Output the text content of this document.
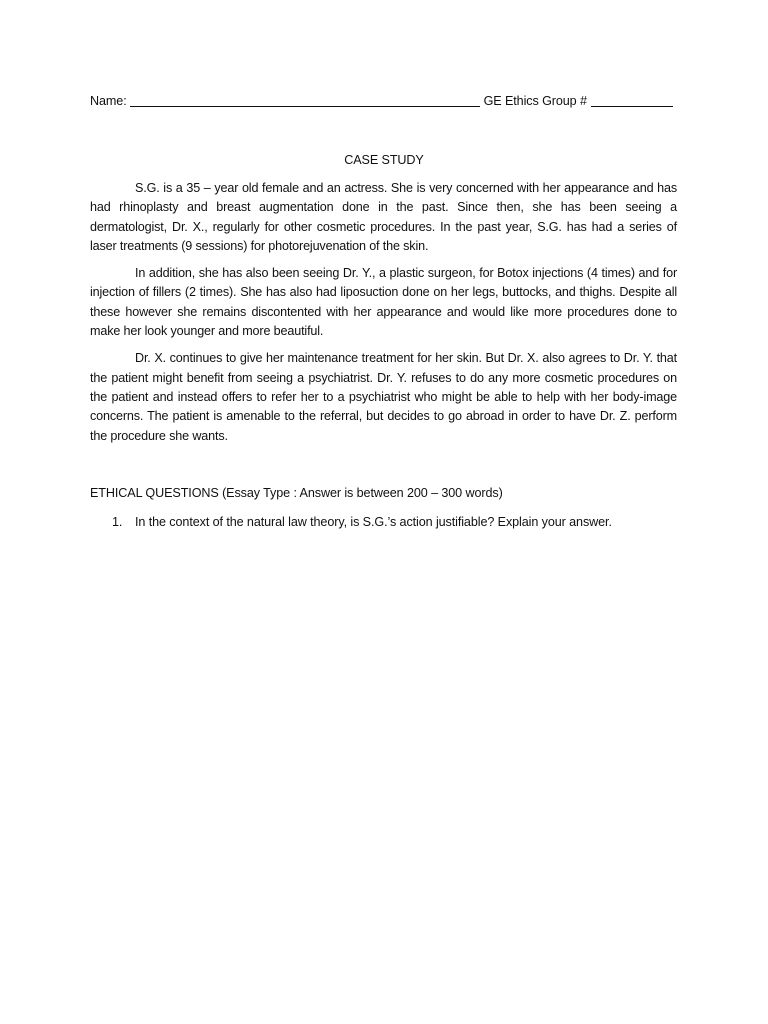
Name:	GE Ethics Group #
CASE STUDY

S.G. is a 35 – year old female and an actress. She is very concerned with her appearance and has had rhinoplasty and breast augmentation done in the past. Since then, she has been seeing a dermatologist, Dr. X., regularly for other cosmetic procedures. In the past year, S.G. has had a series of laser treatments (9 sessions) for photorejuvenation of the skin.

In addition, she has also been seeing Dr. Y., a plastic surgeon, for Botox injections (4 times) and for injection of fillers (2 times). She has also had liposuction done on her legs, buttocks, and thighs. Despite all these however she remains discontented with her appearance and would like more procedures done to make her look younger and more beautiful.

Dr. X. continues to give her maintenance treatment for her skin. But Dr. X. also agrees to Dr. Y. that the patient might benefit from seeing a psychiatrist. Dr. Y. refuses to do any more cosmetic procedures on the patient and instead offers to refer her to a psychiatrist who might be able to help with her body-image concerns. The patient is amenable to the referral, but decides to go abroad in order to have Dr. Z. perform the procedure she wants.

ETHICAL QUESTIONS (Essay Type : Answer is between 200 – 300 words)
1.	In the context of the natural law theory, is S.G.’s action justifiable? Explain your answer.
